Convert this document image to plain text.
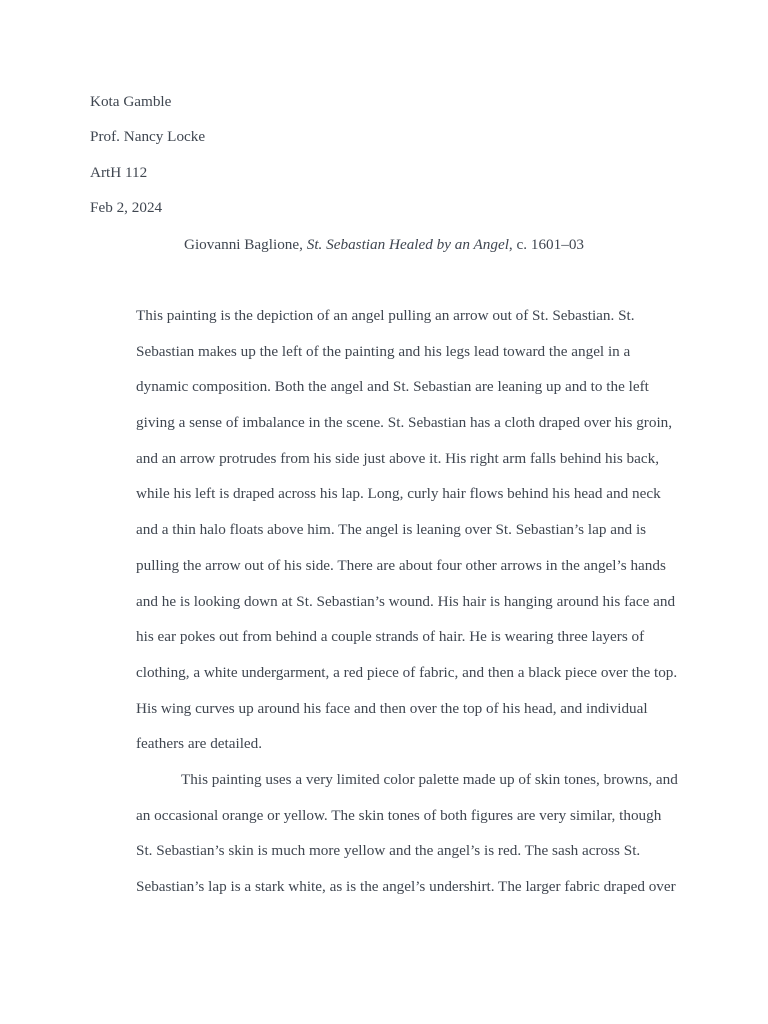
Kota Gamble

Prof. Nancy Locke

ArtH 112

Feb 2, 2024

Giovanni Baglione, St. Sebastian Healed by an Angel, c. 1601–03

This painting is the depiction of an angel pulling an arrow out of St. Sebastian. St.
Sebastian makes up the left of the painting and his legs lead toward the angel in a
dynamic composition. Both the angel and St. Sebastian are leaning up and to the left
giving a sense of imbalance in the scene. St. Sebastian has a cloth draped over his groin,
and an arrow protrudes from his side just above it. His right arm falls behind his back,
while his left is draped across his lap. Long, curly hair flows behind his head and neck
and a thin halo floats above him. The angel is leaning over St. Sebastian’s lap and is
pulling the arrow out of his side. There are about four other arrows in the angel’s hands
and he is looking down at St. Sebastian’s wound. His hair is hanging around his face and
his ear pokes out from behind a couple strands of hair. He is wearing three layers of
clothing, a white undergarment, a red piece of fabric, and then a black piece over the top.
His wing curves up around his face and then over the top of his head, and individual
feathers are detailed.
This painting uses a very limited color palette made up of skin tones, browns, and
an occasional orange or yellow. The skin tones of both figures are very similar, though
St. Sebastian’s skin is much more yellow and the angel’s is red. The sash across St.
Sebastian’s lap is a stark white, as is the angel’s undershirt. The larger fabric draped over
